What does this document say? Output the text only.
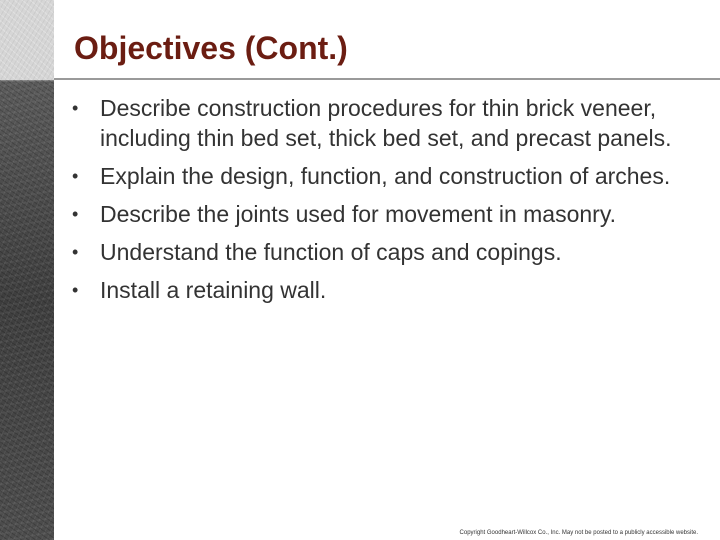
Objectives (Cont.)
• Describe construction procedures for thin brick veneer, including thin bed set, thick bed set, and precast panels.
• Explain the design, function, and construction of arches.
• Describe the joints used for movement in masonry.
• Understand the function of caps and copings.
• Install a retaining wall.
Copyright Goodheart-Willcox Co., Inc. May not be posted to a publicly accessible website.
